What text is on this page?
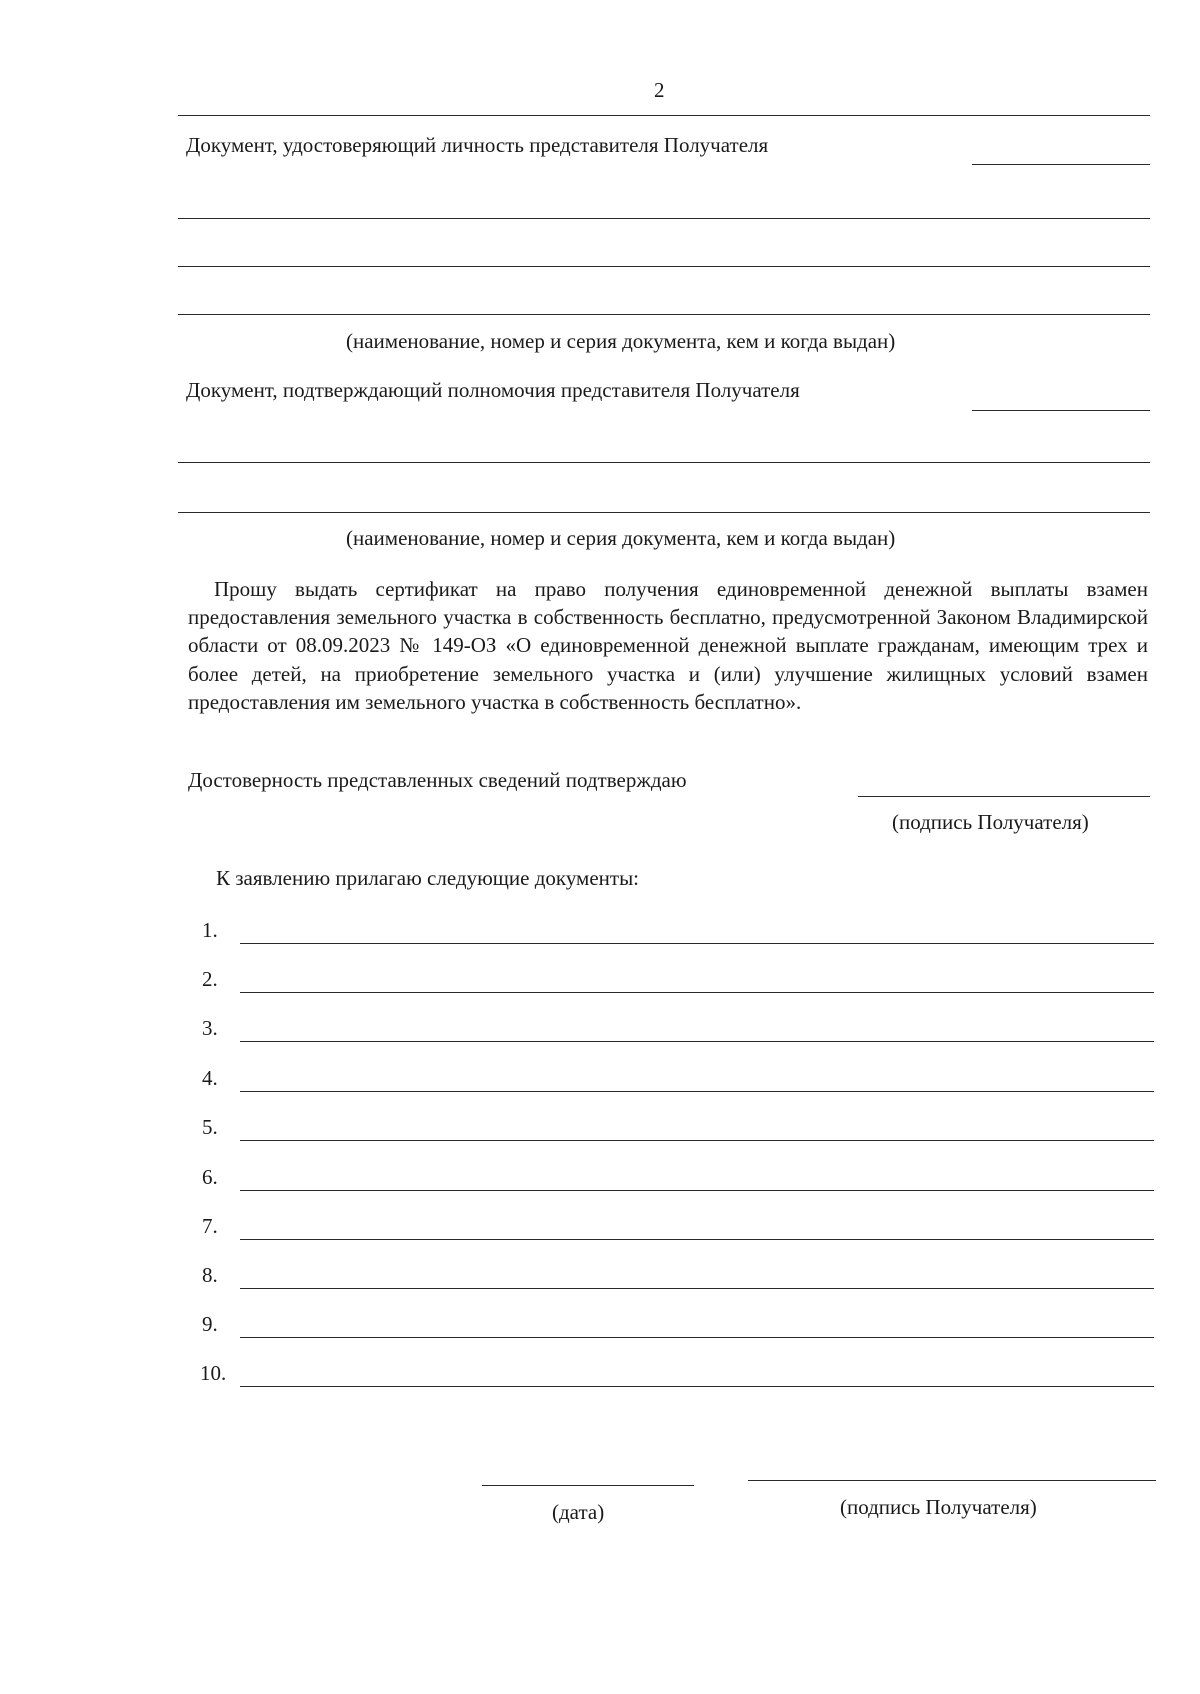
2
Документ, удостоверяющий личность представителя Получателя
(наименование, номер и серия документа, кем и когда выдан)
Документ, подтверждающий полномочия представителя Получателя
(наименование, номер и серия документа, кем и когда выдан)
Прошу выдать сертификат на право получения единовременной денежной выплаты взамен предоставления земельного участка в собственность бесплатно, предусмотренной Законом Владимирской области от 08.09.2023 № 149-ОЗ «О единовременной денежной выплате гражданам, имеющим трех и более детей, на приобретение земельного участка и (или) улучшение жилищных условий взамен предоставления им земельного участка в собственность бесплатно».
Достоверность представленных сведений подтверждаю
(подпись Получателя)
К заявлению прилагаю следующие документы:
1.
2.
3.
4.
5.
6.
7.
8.
9.
10.
(дата)	(подпись Получателя)
